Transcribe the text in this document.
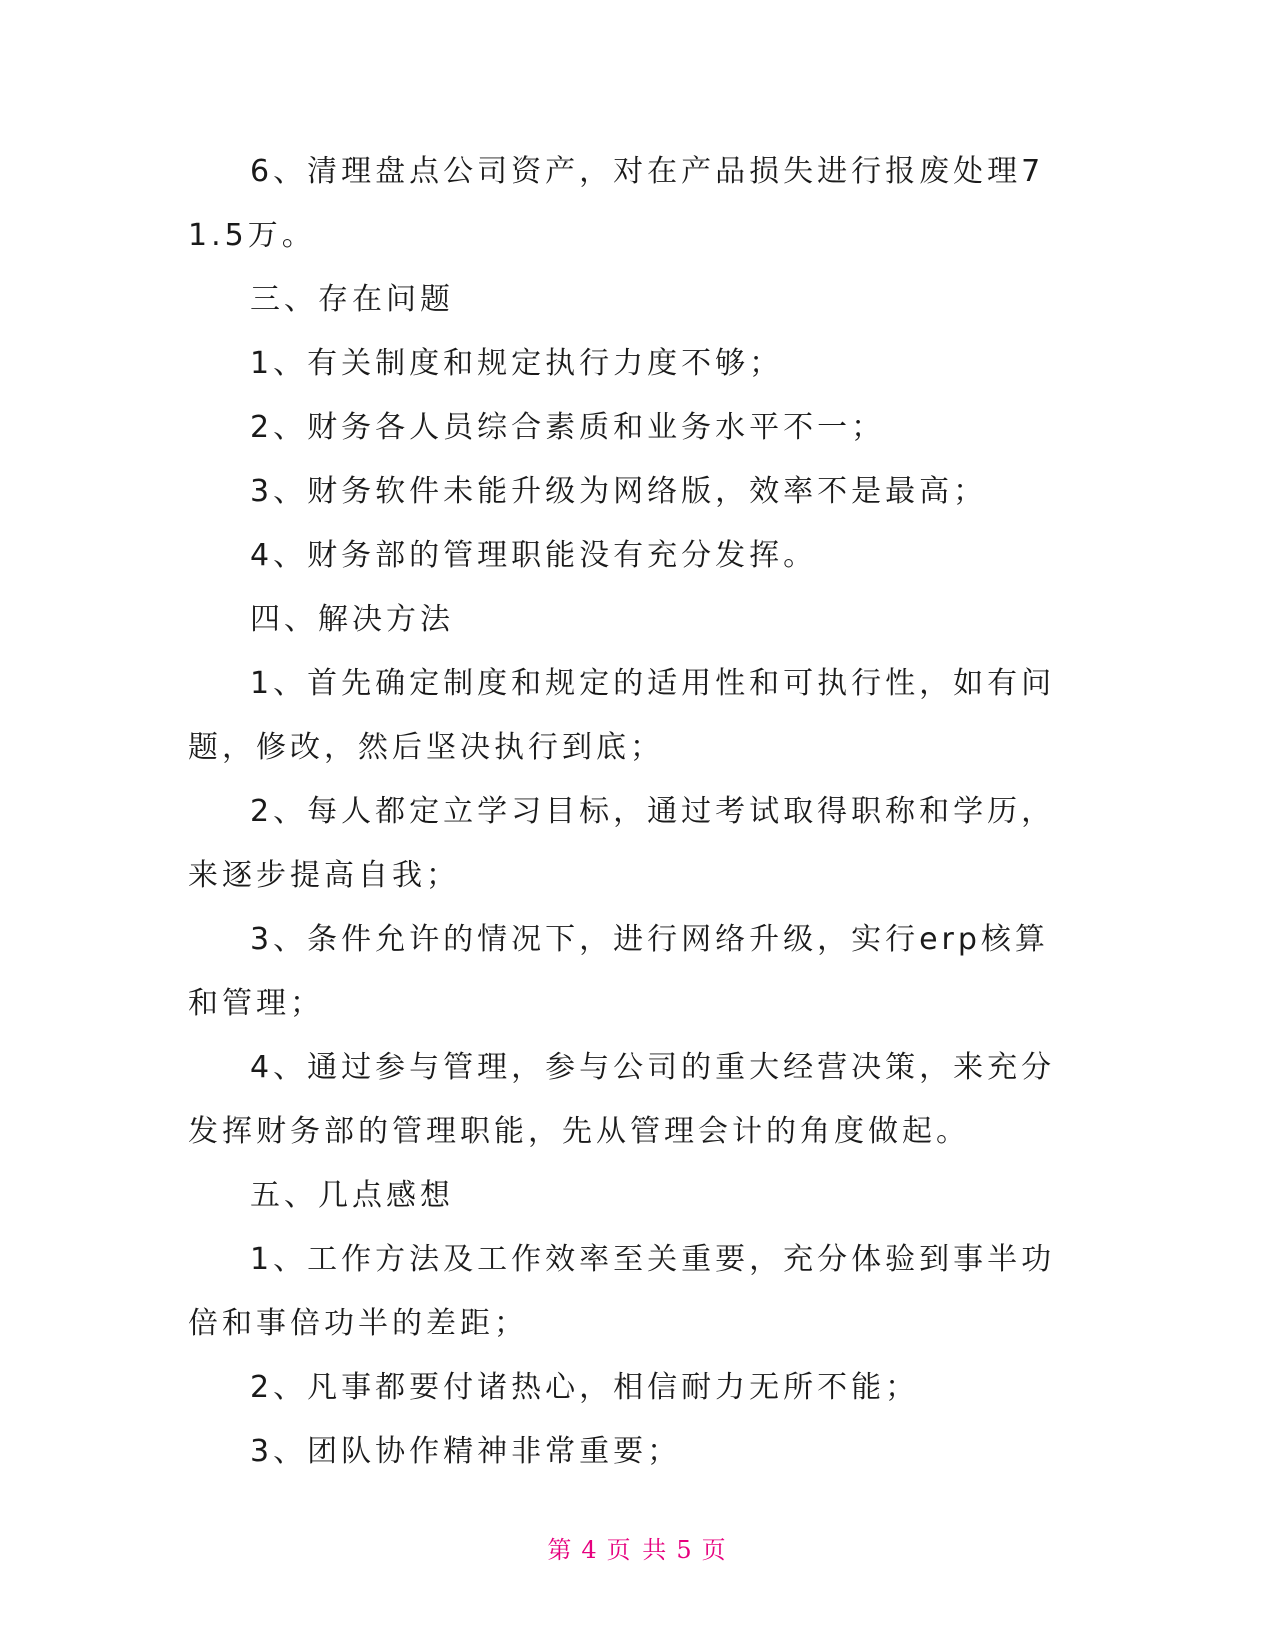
6、清理盘点公司资产，对在产品损失进行报废处理71.5万。

三、存在问题

1、有关制度和规定执行力度不够；

2、财务各人员综合素质和业务水平不一；

3、财务软件未能升级为网络版，效率不是最高；

4、财务部的管理职能没有充分发挥。

四、解决方法

1、首先确定制度和规定的适用性和可执行性，如有问题，修改，然后坚决执行到底；

2、每人都定立学习目标，通过考试取得职称和学历，来逐步提高自我；

3、条件允许的情况下，进行网络升级，实行erp核算和管理；

4、通过参与管理，参与公司的重大经营决策，来充分发挥财务部的管理职能，先从管理会计的角度做起。

五、几点感想

1、工作方法及工作效率至关重要，充分体验到事半功倍和事倍功半的差距；

2、凡事都要付诸热心，相信耐力无所不能；

3、团队协作精神非常重要；

第 4 页 共 5 页
